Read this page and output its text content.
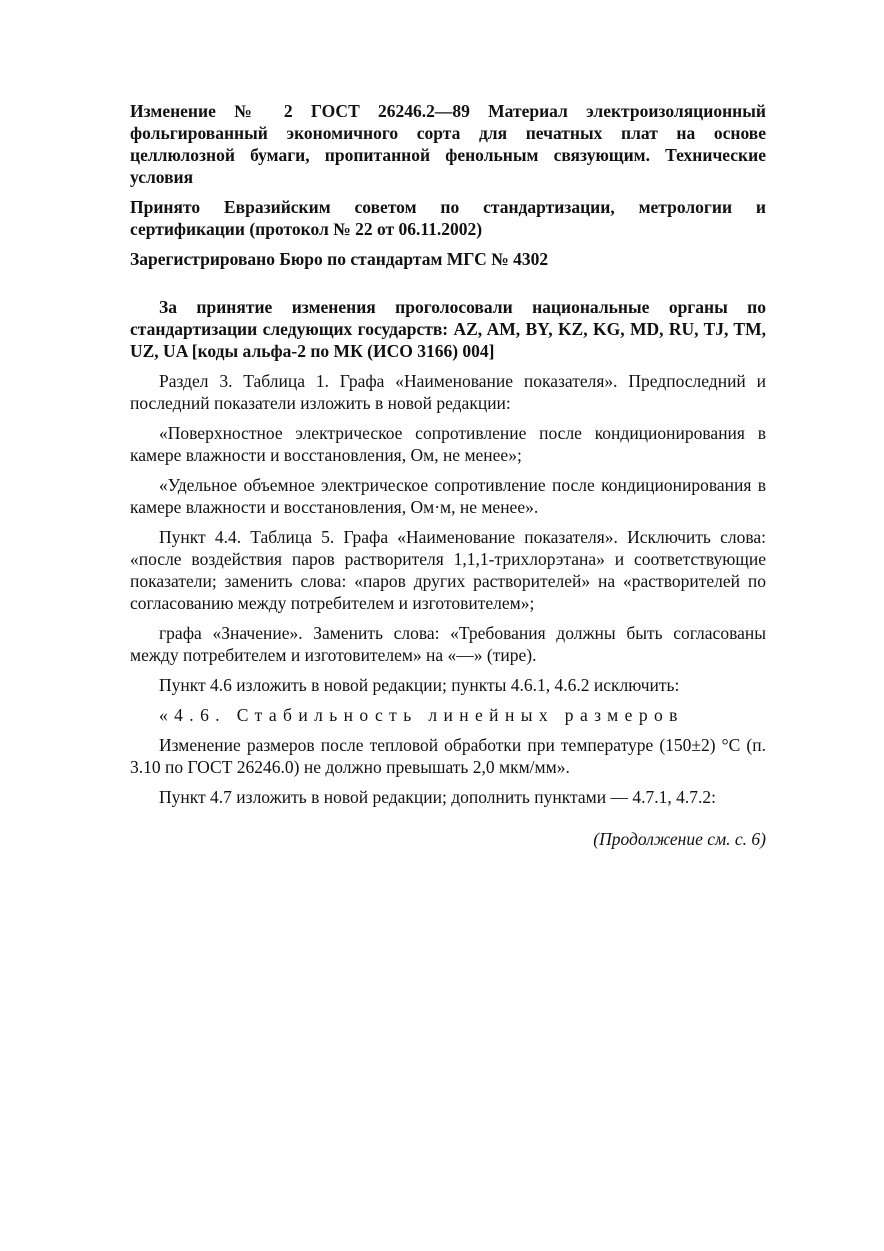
Изменение № 2 ГОСТ 26246.2—89 Материал электроизоляционный фольгированный экономичного сорта для печатных плат на основе целлюлозной бумаги, пропитанной фенольным связующим. Технические условия

Принято Евразийским советом по стандартизации, метрологии и сертификации (протокол № 22 от 06.11.2002)

Зарегистрировано Бюро по стандартам МГС № 4302

За принятие изменения проголосовали национальные органы по стандартизации следующих государств: AZ, AM, BY, KZ, KG, MD, RU, TJ, TM, UZ, UA [коды альфа-2 по МК (ИСО 3166) 004]

Раздел 3. Таблица 1. Графа «Наименование показателя». Предпоследний и последний показатели изложить в новой редакции:

«Поверхностное электрическое сопротивление после кондиционирования в камере влажности и восстановления, Ом, не менее»;

«Удельное объемное электрическое сопротивление после кондиционирования в камере влажности и восстановления, Ом·м, не менее».

Пункт 4.4. Таблица 5. Графа «Наименование показателя». Исключить слова: «после воздействия паров растворителя 1,1,1-трихлорэтана» и соответствующие показатели; заменить слова: «паров других растворителей» на «растворителей по согласованию между потребителем и изготовителем»;

графа «Значение». Заменить слова: «Требования должны быть согласованы между потребителем и изготовителем» на «—» (тире).

Пункт 4.6 изложить в новой редакции; пункты 4.6.1, 4.6.2 исключить:

«4.6. Стабильность линейных размеров

Изменение размеров после тепловой обработки при температуре (150±2) °С (п. 3.10 по ГОСТ 26246.0) не должно превышать 2,0 мкм/мм».

Пункт 4.7 изложить в новой редакции; дополнить пунктами — 4.7.1, 4.7.2:

(Продолжение см. с. 6)
